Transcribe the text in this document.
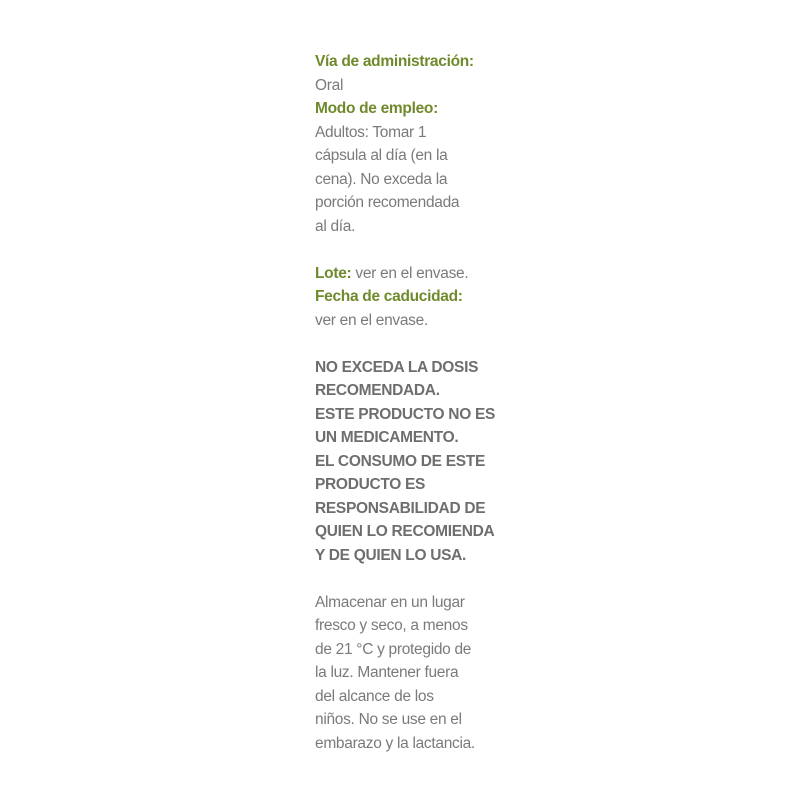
Vía de administración:
Oral
Modo de empleo:
Adultos: Tomar 1
cápsula al día (en la
cena). No exceda la
porción recomendada
al día.
Lote: ver en el envase.
Fecha de caducidad:
ver en el envase.
NO EXCEDA LA DOSIS
RECOMENDADA.
ESTE PRODUCTO NO ES
UN MEDICAMENTO.
EL CONSUMO DE ESTE
PRODUCTO ES
RESPONSABILIDAD DE
QUIEN LO RECOMIENDA
Y DE QUIEN LO USA.
Almacenar en un lugar
fresco y seco, a menos
de 21 °C y protegido de
la luz. Mantener fuera
del alcance de los
niños. No se use en el
embarazo y la lactancia.
